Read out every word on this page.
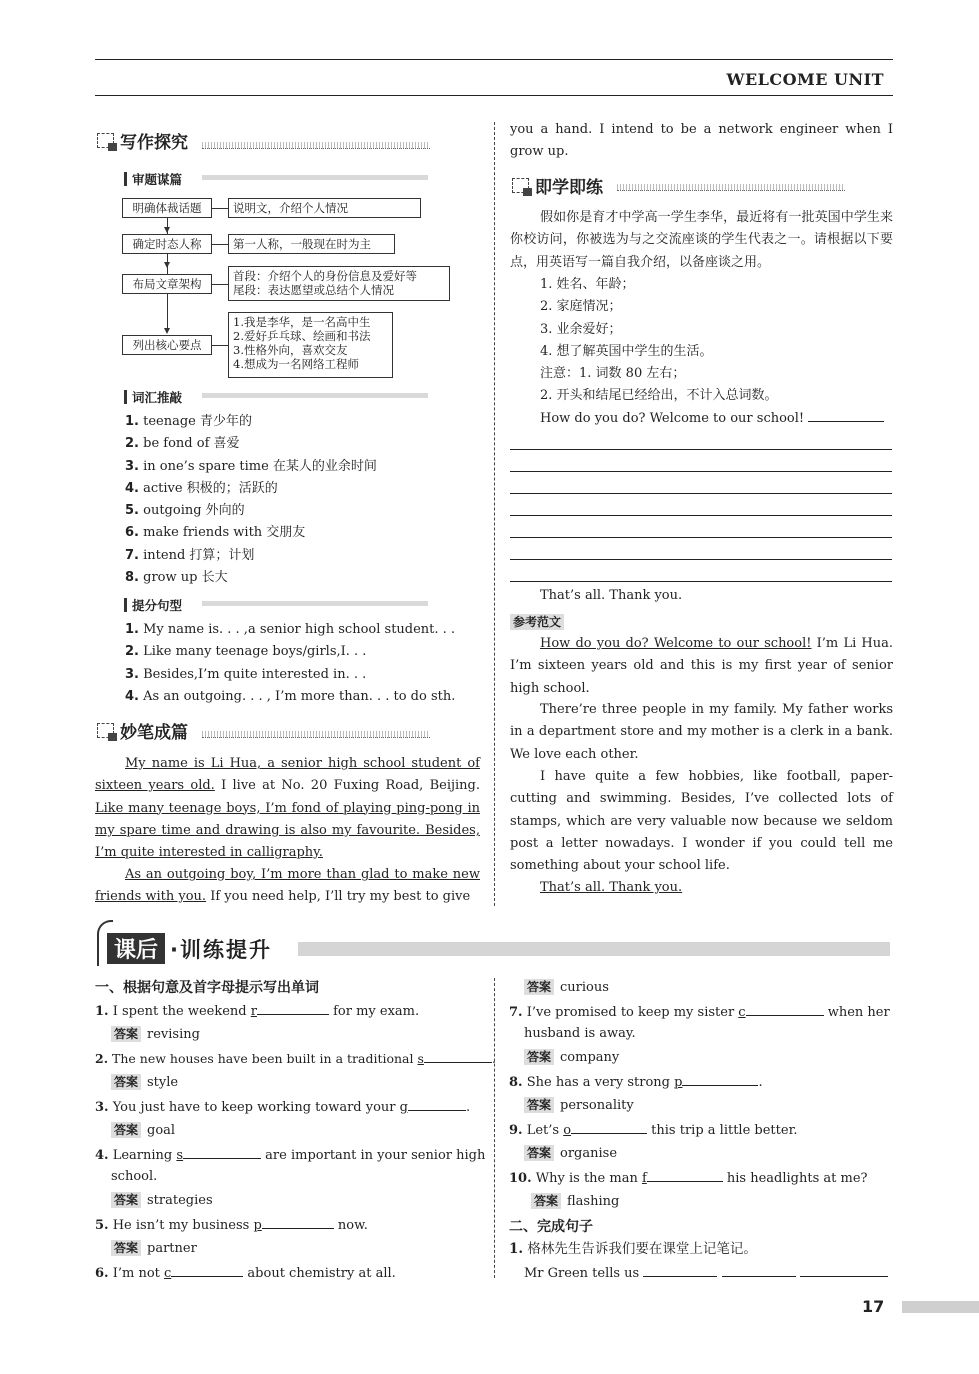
WELCOME UNIT
写作探究
审题谋篇
明确体裁话题	说明文，介绍个人情况
确定时态人称	第一人称，一般现在时为主
布局文章架构
首段：介绍个人的身份信息及爱好等
尾段：表达愿望或总结个人情况
列出核心要点
1.我是李华，是一名高中生
2.爱好乒乓球、绘画和书法
3.性格外向，喜欢交友
4.想成为一名网络工程师
词汇推敲
1. teenage 青少年的
2. be fond of 喜爱
3. in one’s spare time 在某人的业余时间
4. active 积极的；活跃的
5. outgoing 外向的
6. make friends with 交朋友
7. intend 打算；计划
8. grow up 长大
提分句型
1. My name is. . . ,a senior high school student. . .
2. Like many teenage boys/girls,I. . .
3. Besides,I’m quite interested in. . .
4. As an outgoing. . . , I’m more than. . . to do sth.
妙笔成篇
My name is Li Hua, a senior high school student of sixteen years old. I live at No. 20 Fuxing Road, Beijing. Like many teenage boys, I’m fond of playing ping-pong in my spare time and drawing is also my favourite. Besides, I’m quite interested in calligraphy.
As an outgoing boy, I’m more than glad to make new friends with you. If you need help, I’ll try my best to give
you a hand. I intend to be a network engineer when I grow up.
即学即练
假如你是育才中学高一学生李华，最近将有一批英国中学生来你校访问，你被选为与之交流座谈的学生代表之一。请根据以下要点，用英语写一篇自我介绍，以备座谈之用。
1. 姓名、年龄；
2. 家庭情况；
3. 业余爱好；
4. 想了解英国中学生的生活。
注意：1. 词数 80 左右；
2. 开头和结尾已经给出，不计入总词数。
How do you do? Welcome to our school!
That’s all. Thank you.
参考范文
How do you do? Welcome to our school! I’m Li Hua. I’m sixteen years old and this is my first year of senior high school.
There’re three people in my family. My father works in a department store and my mother is a clerk in a bank. We love each other.
I have quite a few hobbies, like football, paper-cutting and swimming. Besides, I’ve collected lots of stamps, which are very valuable now because we seldom post a letter nowadays. I wonder if you could tell me something about your school life.
That’s all. Thank you.
课后 ·训练提升
一、根据句意及首字母提示写出单词
1. I spent the weekend r	for my exam.
答案 revising
2. The new houses have been built in a traditional s	.
答案 style
3. You just have to keep working toward your g	.
答案 goal
4. Learning s	are important in your senior high
school.
答案 strategies
5. He isn’t my business p	now.
答案 partner
6. I’m not c	about chemistry at all.
答案 curious
7. I’ve promised to keep my sister c	when her
husband is away.
答案 company
8. She has a very strong p	.
答案 personality
9. Let’s o	this trip a little better.
答案 organise
10. Why is the man f	his headlights at me?
答案 flashing
二、完成句子
1. 格林先生告诉我们要在课堂上记笔记。
Mr Green tells us
17
